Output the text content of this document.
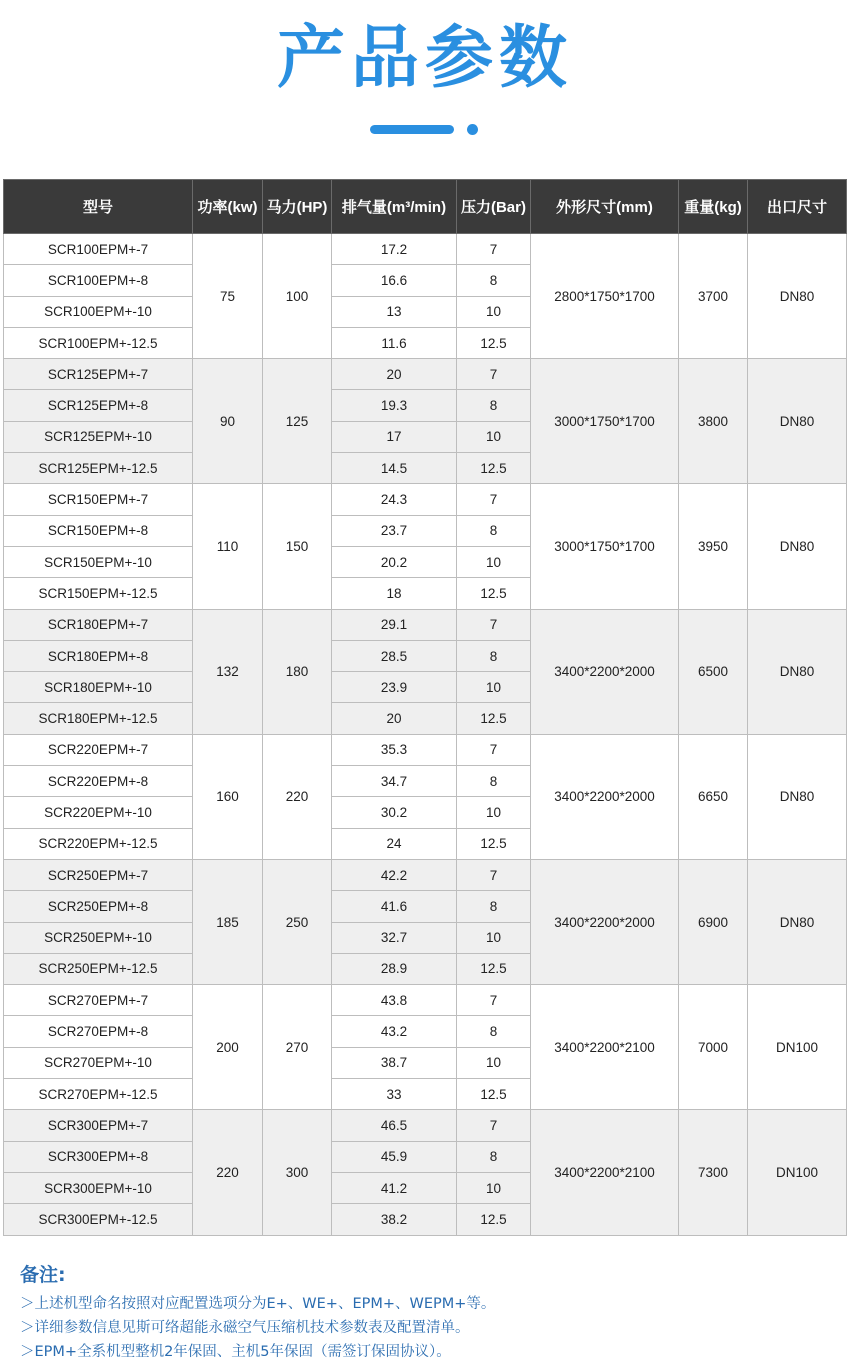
产品参数
型号	功率(kw)	马力(HP)	排气量(m³/min)	压力(Bar)	外形尺寸(mm)	重量(kg)	出口尺寸
SCR100EPM+-7	75	100	17.2	7	2800*1750*1700	3700	DN80
SCR100EPM+-8			16.6	8			
SCR100EPM+-10			13	10			
SCR100EPM+-12.5			11.6	12.5			
SCR125EPM+-7	90	125	20	7	3000*1750*1700	3800	DN80
SCR125EPM+-8			19.3	8			
SCR125EPM+-10			17	10			
SCR125EPM+-12.5			14.5	12.5			
SCR150EPM+-7	110	150	24.3	7	3000*1750*1700	3950	DN80
SCR150EPM+-8			23.7	8			
SCR150EPM+-10			20.2	10			
SCR150EPM+-12.5			18	12.5			
SCR180EPM+-7	132	180	29.1	7	3400*2200*2000	6500	DN80
SCR180EPM+-8			28.5	8			
SCR180EPM+-10			23.9	10			
SCR180EPM+-12.5			20	12.5			
SCR220EPM+-7	160	220	35.3	7	3400*2200*2000	6650	DN80
SCR220EPM+-8			34.7	8			
SCR220EPM+-10			30.2	10			
SCR220EPM+-12.5			24	12.5			
SCR250EPM+-7	185	250	42.2	7	3400*2200*2000	6900	DN80
SCR250EPM+-8			41.6	8			
SCR250EPM+-10			32.7	10			
SCR250EPM+-12.5			28.9	12.5			
SCR270EPM+-7	200	270	43.8	7	3400*2200*2100	7000	DN100
SCR270EPM+-8			43.2	8			
SCR270EPM+-10			38.7	10			
SCR270EPM+-12.5			33	12.5			
SCR300EPM+-7	220	300	46.5	7	3400*2200*2100	7300	DN100
SCR300EPM+-8			45.9	8			
SCR300EPM+-10			41.2	10			
SCR300EPM+-12.5			38.2	12.5			
备注:
＞上述机型命名按照对应配置选项分为E+、WE+、EPM+、WEPM+等。
＞详细参数信息见斯可络超能永磁空气压缩机技术参数表及配置清单。
＞EPM+全系机型整机2年保固、主机5年保固（需签订保固协议）。
